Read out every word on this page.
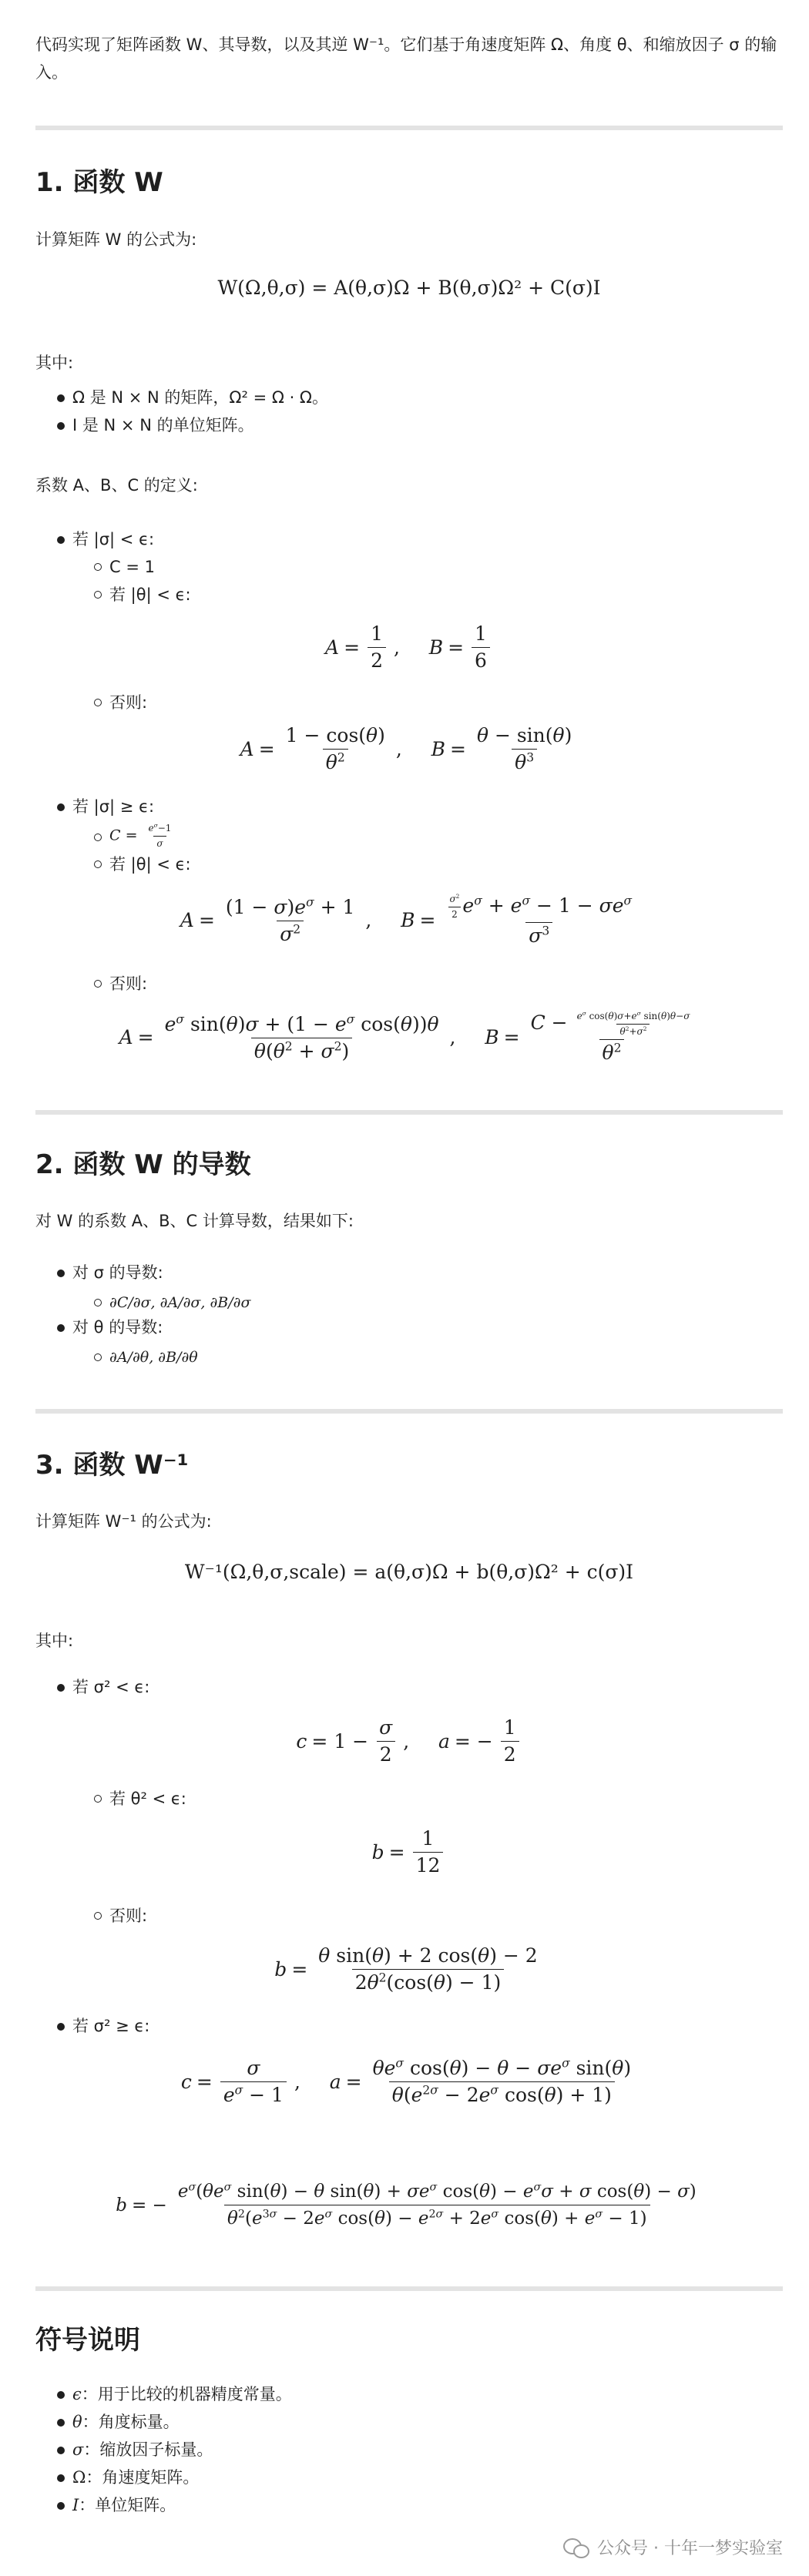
代码实现了矩阵函数 W、其导数，以及其逆 W⁻¹。它们基于角速度矩阵 Ω、角度 θ、和缩放因子 σ 的输入。
1. 函数 W
计算矩阵 W 的公式为:
W(Ω,θ,σ) = A(θ,σ)Ω + B(θ,σ)Ω² + C(σ)I
其中:
Ω 是 N × N 的矩阵，Ω² = Ω · Ω。
I 是 N × N 的单位矩阵。
系数 A、B、C 的定义:
若 |σ| < ϵ:
C = 1
若 |θ| < ϵ:
$A = \frac{1}{2}$ , $B = \frac{1}{6}$
否则:
$A = \frac{1 - \cos(\theta)}{\theta^2}$ , $B = \frac{\theta - \sin(\theta)}{\theta^3}$
若 |σ| ≥ ϵ:
$C = \frac{e^\sigma-1}{\sigma}$
若 |θ| < ϵ:
$A = \frac{(1 - \sigma)e^\sigma + 1}{\sigma^2}$ , $B = \frac{\frac{\sigma^2}{2} e^\sigma + e^\sigma - 1 - \sigma e^\sigma}{\sigma^3}$
否则:
$A = \frac{e^\sigma \sin(\theta)\sigma + (1 - e^\sigma \cos(\theta))\theta}{\theta(\theta^2 + \sigma^2)}$ , $B = \frac{C - \frac{e^\sigma \cos(\theta)\sigma+e^\sigma \sin(\theta)\theta-\sigma}{\theta^2+\sigma^2}}{\theta^2}$
2. 函数 W 的导数
对 W 的系数 A、B、C 计算导数，结果如下:
对 σ 的导数:
∂C/∂σ, ∂A/∂σ, ∂B/∂σ
对 θ 的导数:
∂A/∂θ, ∂B/∂θ
3. 函数 W⁻¹
计算矩阵 W⁻¹ 的公式为:
W⁻¹(Ω,θ,σ,scale) = a(θ,σ)Ω + b(θ,σ)Ω² + c(σ)I
其中:
若 σ² < ϵ:
$c = 1 - \frac{\sigma}{2}$ , a = − $\frac{1}{2}$
若 θ² < ϵ:
$b = \frac{1}{12}$
否则:
$b = \frac{\text{θ sin(θ) + 2 cos(θ) − 2}}{2\theta^2(\cos(\theta) - 1)}$
若 σ² ≥ ϵ:
$c = \frac{\sigma}{e^\sigma - 1}$ , $a = \frac{\theta e^\sigma \cos(\theta) - \theta - \sigma e^\sigma \sin(\theta)}{\theta(e^{2\sigma} - 2e^\sigma \cos(\theta) + 1)}$
b = − $\frac{e^\sigma(\theta e^\sigma \sin(\theta) - \theta \sin(\theta) + \sigma e^\sigma \cos(\theta) - e^\sigma\sigma + \sigma \cos(\theta) - \sigma)}{\theta^2(e^{3\sigma} - 2e^\sigma \cos(\theta) - e^{2\sigma} + 2e^\sigma \cos(\theta) + e^\sigma - 1)}$
符号说明
ϵ：用于比较的机器精度常量。
θ：角度标量。
σ：缩放因子标量。
Ω：角速度矩阵。
I：单位矩阵。
公众号 · 十年一梦实验室
